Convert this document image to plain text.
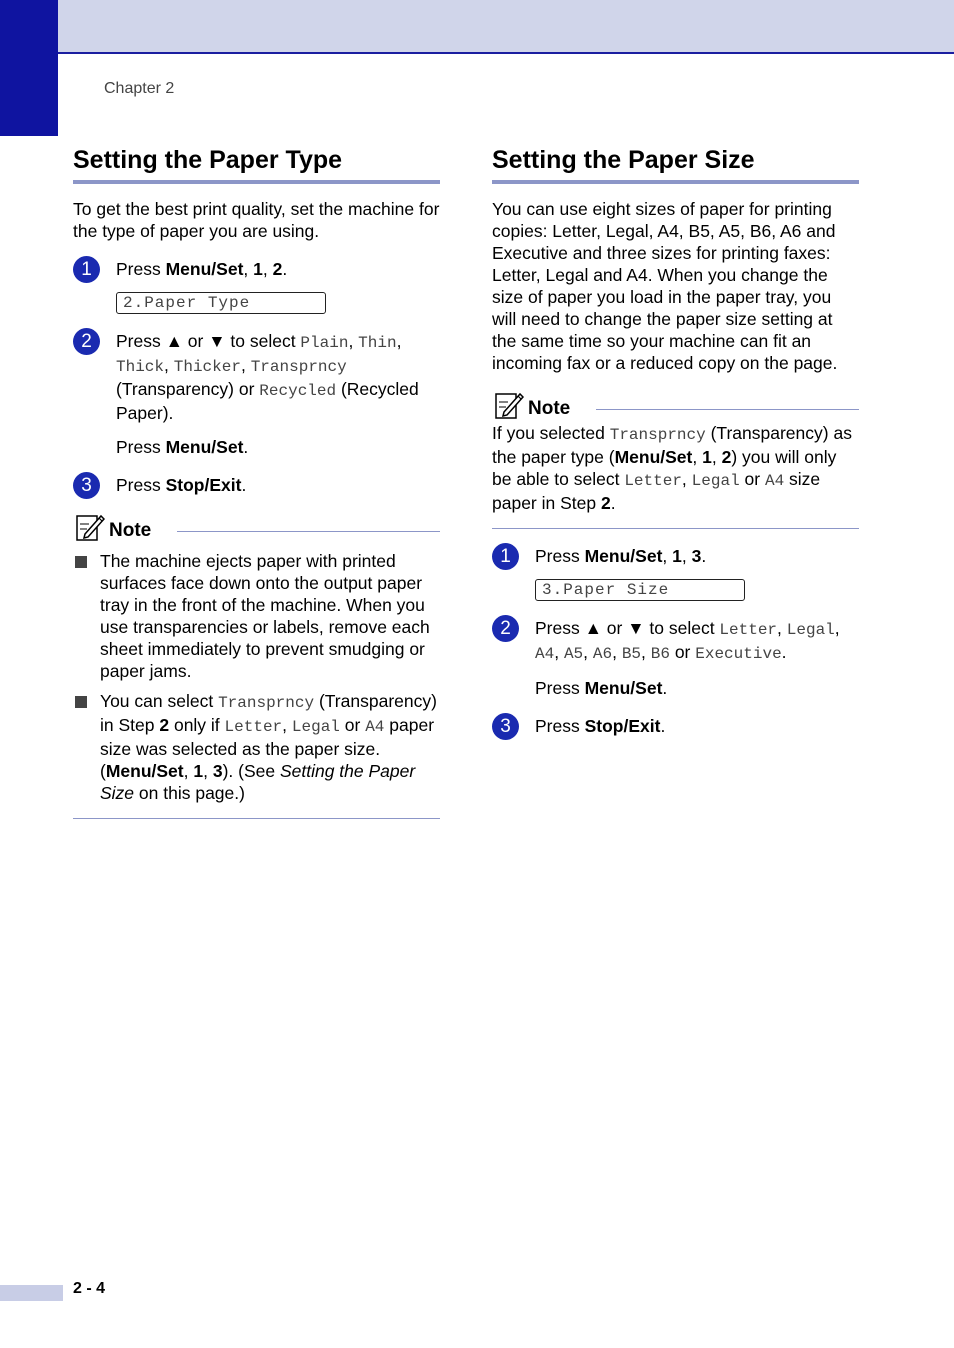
Chapter 2
Setting the Paper Type

To get the best print quality, set the machine for the type of paper you are using.

1	Press Menu/Set, 1, 2.
2.Paper Type
2	Press ▲ or ▼ to select Plain, Thin, Thick, Thicker, Transprncy (Transparency) or Recycled (Recycled Paper).
Press Menu/Set.
3	Press Stop/Exit.
Note
The machine ejects paper with printed surfaces face down onto the output paper tray in the front of the machine. When you use transparencies or labels, remove each sheet immediately to prevent smudging or paper jams.
You can select Transprncy (Transparency) in Step 2 only if Letter, Legal or A4 paper size was selected as the paper size. (Menu/Set, 1, 3). (See Setting the Paper Size on this page.)
Setting the Paper Size

You can use eight sizes of paper for printing copies: Letter, Legal, A4, B5, A5, B6, A6 and Executive and three sizes for printing faxes: Letter, Legal and A4. When you change the size of paper you load in the paper tray, you will need to change the paper size setting at the same time so your machine can fit an incoming fax or a reduced copy on the page.

Note
If you selected Transprncy (Transparency) as the paper type (Menu/Set, 1, 2) you will only be able to select Letter, Legal or A4 size paper in Step 2.
1	Press Menu/Set, 1, 3.
3.Paper Size
2	Press ▲ or ▼ to select Letter, Legal, A4, A5, A6, B5, B6 or Executive.
Press Menu/Set.
3	Press Stop/Exit.
2 - 4
